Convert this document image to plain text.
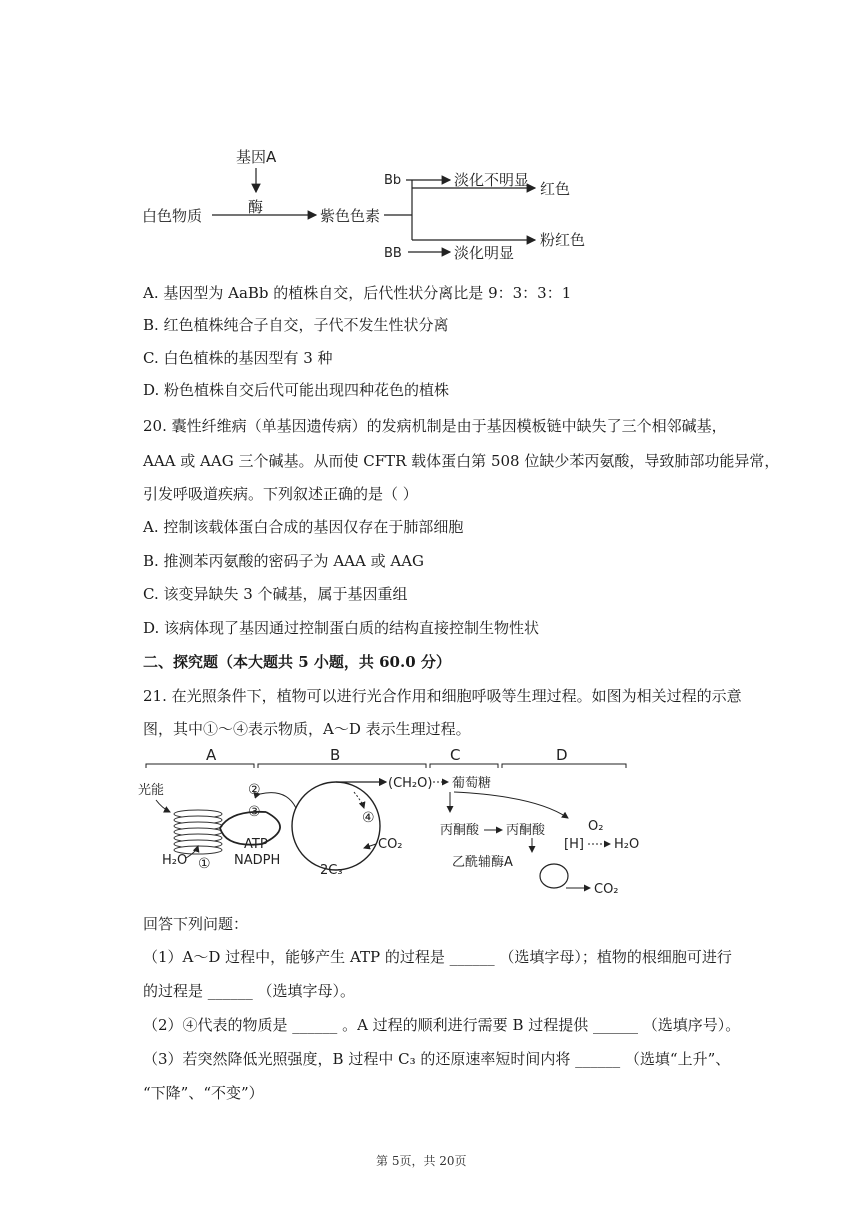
基因A
酶
白色物质	紫色色素
Bb	淡化不明显 红色
BB	淡化明显
粉红色
A. 基因型为 AaBb 的植株自交，后代性状分离比是 9：3：3：1
B. 红色植株纯合子自交，子代不发生性状分离
C. 白色植株的基因型有 3 种
D. 粉色植株自交后代可能出现四种花色的植株
20. 囊性纤维病（单基因遗传病）的发病机制是由于基因模板链中缺失了三个相邻碱基，
AAA 或 AAG 三个碱基。从而使 CFTR 载体蛋白第 508 位缺少苯丙氨酸，导致肺部功能异常，
引发呼吸道疾病。下列叙述正确的是（ ）
A. 控制该载体蛋白合成的基因仅存在于肺部细胞
B. 推测苯丙氨酸的密码子为 AAA 或 AAG
C. 该变异缺失 3 个碱基，属于基因重组
D. 该病体现了基因通过控制蛋白质的结构直接控制生物性状
二、探究题（本大题共 5 小题，共 60.0 分）
21. 在光照条件下，植物可以进行光合作用和细胞呼吸等生理过程。如图为相关过程的示意
图，其中①～④表示物质，A～D 表示生理过程。
A	B	C	D
光能
H₂O ①
ATP
NADPH
②
③
(CH₂O) 葡萄糖
④
CO₂
2C₃
丙酮酸 丙酮酸
[H]
O₂
H₂O
乙酰辅酶A
CO₂
回答下列问题：
（1）A～D 过程中，能够产生 ATP 的过程是 ______ （选填字母）；植物的根细胞可进行
的过程是 ______ （选填字母）。
（2）④代表的物质是 ______ 。A 过程的顺利进行需要 B 过程提供 ______ （选填序号）。
（3）若突然降低光照强度，B 过程中 C₃ 的还原速率短时间内将 ______ （选填“上升”、
“下降”、“不变”）
第 5页，共 20页
